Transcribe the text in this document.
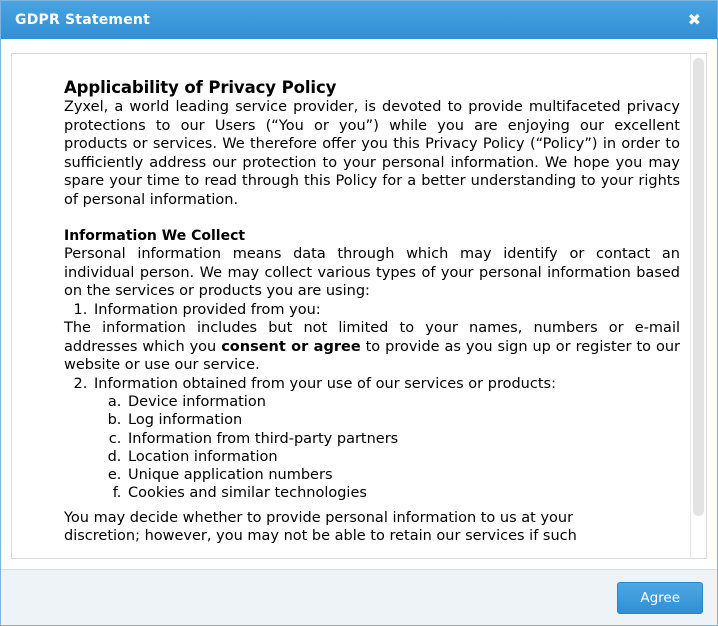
GDPR Statement	✖
Applicability of Privacy Policy

Zyxel, a world leading service provider, is devoted to provide multifaceted privacy protections to our Users (“You or you”) while you are enjoying our excellent products or services. We therefore offer you this Privacy Policy (“Policy”) in order to sufficiently address our protection to your personal information. We hope you may spare your time to read through this Policy for a better understanding to your rights of personal information.

Information We Collect

Personal information means data through which may identify or contact an individual person. We may collect various types of your personal information based on the services or products you are using:

1. Information provided from you:

The information includes but not limited to your names, numbers or e-mail addresses which you consent or agree to provide as you sign up or register to our website or use our service.

2. Information obtained from your use of our services or products:
a. Device information
b. Log information
c. Information from third-party partners
d. Location information
e. Unique application numbers
f. Cookies and similar technologies

You may decide whether to provide personal information to us at your

discretion; however, you may not be able to retain our services if such

Agree
